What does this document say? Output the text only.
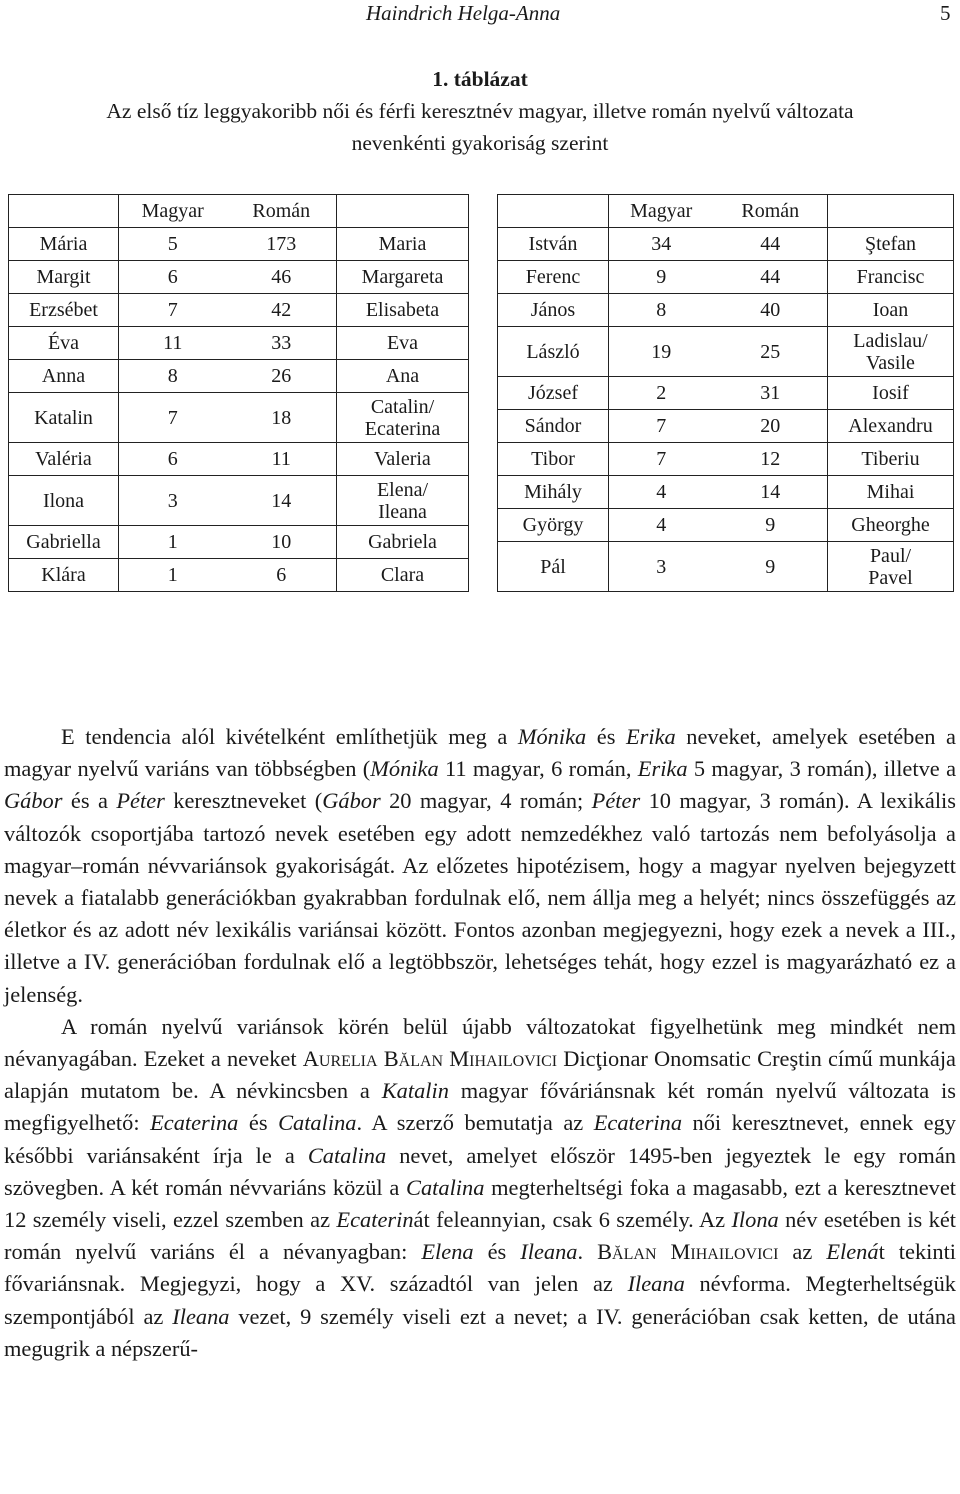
Haindrich Helga-Anna	5
1. táblázat
Az első tíz leggyakoribb női és férfi keresztnév magyar, illetve román nyelvű változata
nevenkénti gyakoriság szerint
	Magyar	Román	
Mária	5	173	Maria
Margit	6	46	Margareta
Erzsébet	7	42	Elisabeta
Éva	11	33	Eva
Anna	8	26	Ana
Katalin	7	18	Catalin/
Ecaterina
Valéria	6	11	Valeria
Ilona	3	14	Elena/
Ileana
Gabriella	1	10	Gabriela
Klára	1	6	Clara
	Magyar	Román	
István	34	44	Ştefan
Ferenc	9	44	Francisc
János	8	40	Ioan
László	19	25	Ladislau/
Vasile
József	2	31	Iosif
Sándor	7	20	Alexandru
Tibor	7	12	Tiberiu
Mihály	4	14	Mihai
György	4	9	Gheorghe
Pál	3	9	Paul/
Pavel

E tendencia alól kivételként említhetjük meg a Mónika és Erika neveket, amelyek esetében a magyar nyelvű variáns van többségben (Mónika 11 magyar, 6 román, Erika 5 magyar, 3 román), illetve a Gábor és a Péter keresztneveket (Gábor 20 magyar, 4 román; Péter 10 magyar, 3 román). A lexikális változók csoportjába tartozó nevek esetében egy adott nemzedékhez való tartozás nem befolyásolja a magyar–román névvariánsok gyakoriságát. Az előzetes hipotézisem, hogy a magyar nyelven bejegyzett nevek a fiatalabb generációkban gyakrabban fordulnak elő, nem állja meg a helyét; nincs összefüggés az életkor és az adott név lexikális variánsai között. Fontos azonban megjegyezni, hogy ezek a nevek a III., illetve a IV. generációban fordulnak elő a legtöbbször, lehetséges tehát, hogy ezzel is magyarázható ez a jelenség.

A román nyelvű variánsok körén belül újabb változatokat figyelhetünk meg mindkét nem névanyagában. Ezeket a neveket Aurelia Bălan Mihailovici Dicţionar Onomsatic Creştin című munkája alapján mutatom be. A névkincsben a Katalin magyar főváriánsnak két román nyelvű változata is megfigyelhető: Ecaterina és Catalina. A szerző bemutatja az Ecaterina női keresztnevet, ennek egy későbbi variánsaként írja le a Catalina nevet, amelyet először 1495-ben jegyeztek le egy román szövegben. A két román névvariáns közül a Catalina megterheltségi foka a magasabb, ezt a keresztnevet 12 személy viseli, ezzel szemben az Ecaterinát feleannyian, csak 6 személy. Az Ilona név esetében is két román nyelvű variáns él a névanyagban: Elena és Ileana. Bălan Mihailovici az Elenát tekinti fővariánsnak. Megjegyzi, hogy a XV. századtól van jelen az Ileana névforma. Megterheltségük szempontjából az Ileana vezet, 9 személy viseli ezt a nevet; a IV. generációban csak ketten, de utána megugrik a népszerű-
